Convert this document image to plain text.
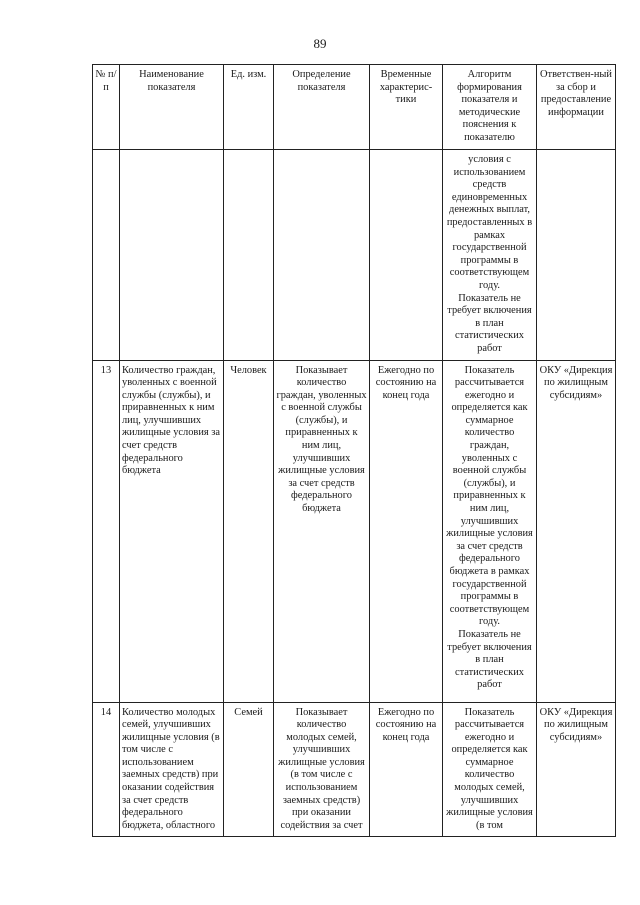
89
№ п/п	Наименование показателя	Ед. изм.	Определение показателя	Временные характерис-тики	Алгоритм формирования показателя и методические пояснения к показателю	Ответствен-ный за сбор и предоставление информации

					условия с использованием средств единовременных денежных выплат, предоставленных в рамках государственной программы в соответствующем году.
Показатель не требует включения в план статистических работ	

13	Количество граждан, уволенных с военной службы (службы), и приравненных к ним лиц, улучшивших жилищные условия за счет средств федерального бюджета	Человек	Показывает количество граждан, уволенных с военной службы (службы), и приравненных к ним лиц, улучшивших жилищные условия за счет средств федерального бюджета	Ежегодно по состоянию на конец года	Показатель рассчитывается ежегодно и определяется как суммарное количество граждан, уволенных с военной службы (службы), и приравненных к ним лиц, улучшивших жилищные условия за счет средств федерального бюджета в рамках государственной программы в соответствующем году.
Показатель не требует включения в план статистических работ	ОКУ «Дирекция по жилищным субсидиям»
14	Количество молодых семей, улучшивших жилищные условия (в том числе с использованием заемных средств) при оказании содействия за счет средств федерального бюджета, областного	Семей	Показывает количество молодых семей, улучшивших жилищные условия (в том числе с использованием заемных средств) при оказании содействия за счет	Ежегодно по состоянию на конец года	Показатель рассчитывается ежегодно и определяется как суммарное количество молодых семей, улучшивших жилищные условия (в том	ОКУ «Дирекция по жилищным субсидиям»
